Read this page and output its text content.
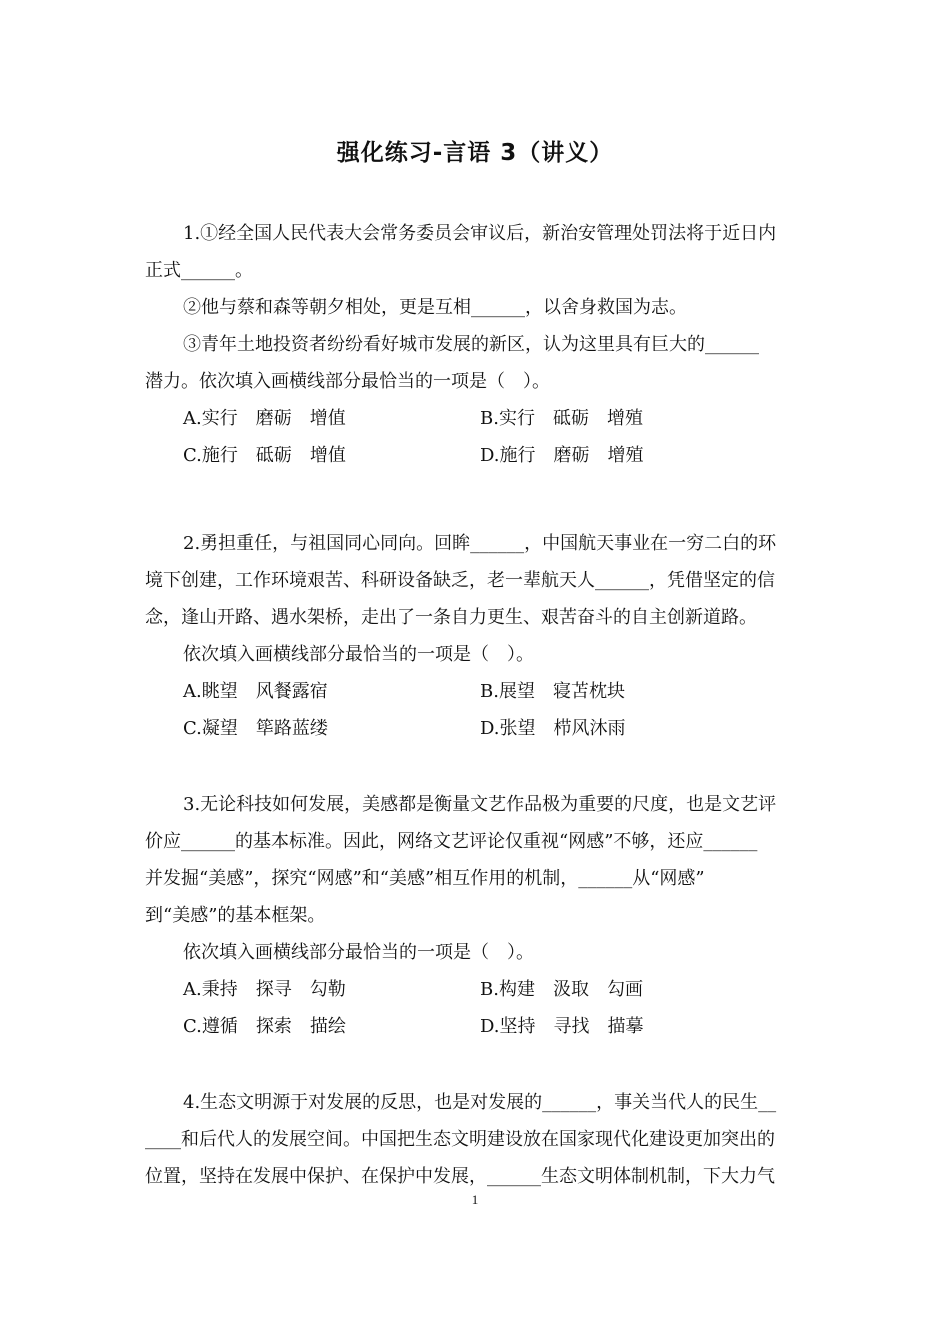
强化练习-言语 3（讲义）
1.①经全国人民代表大会常务委员会审议后，新治安管理处罚法将于近日内
正式______。
②他与蔡和森等朝夕相处，更是互相______，以舍身救国为志。
③青年土地投资者纷纷看好城市发展的新区，认为这里具有巨大的______
潜力。依次填入画横线部分最恰当的一项是（　）。
A.实行　磨砺　增值	B.实行　砥砺　增殖
C.施行　砥砺　增值	D.施行　磨砺　增殖
2.勇担重任，与祖国同心同向。回眸______，中国航天事业在一穷二白的环
境下创建，工作环境艰苦、科研设备缺乏，老一辈航天人______，凭借坚定的信
念，逢山开路、遇水架桥，走出了一条自力更生、艰苦奋斗的自主创新道路。
依次填入画横线部分最恰当的一项是（　）。
A.眺望　风餐露宿	B.展望　寝苫枕块
C.凝望　筚路蓝缕	D.张望　栉风沐雨
3.无论科技如何发展，美感都是衡量文艺作品极为重要的尺度，也是文艺评
价应______的基本标准。因此，网络文艺评论仅重视“网感”不够，还应______
并发掘“美感”，探究“网感”和“美感”相互作用的机制，______从“网感”
到“美感”的基本框架。
依次填入画横线部分最恰当的一项是（　）。
A.秉持　探寻　勾勒	B.构建　汲取　勾画
C.遵循　探索　描绘	D.坚持　寻找　描摹
4.生态文明源于对发展的反思，也是对发展的______，事关当代人的民生__
____和后代人的发展空间。中国把生态文明建设放在国家现代化建设更加突出的
位置，坚持在发展中保护、在保护中发展，______生态文明体制机制，下大力气
1
